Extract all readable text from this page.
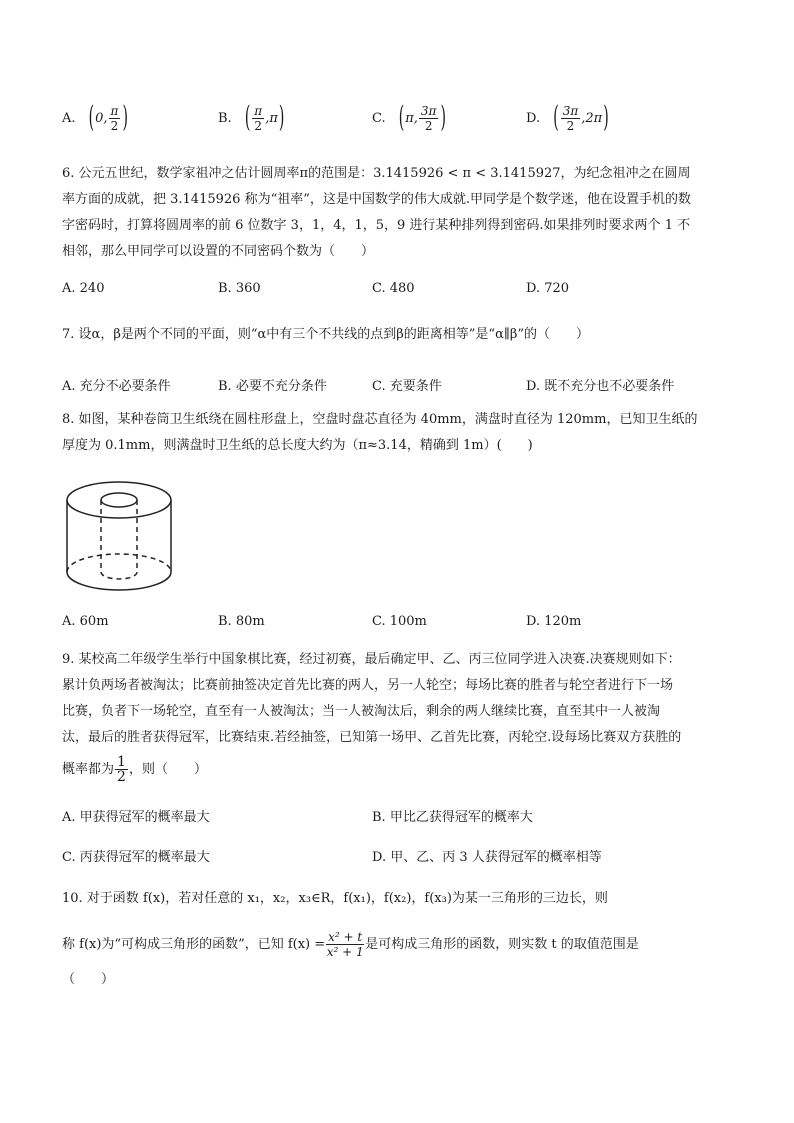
A. (0, $\frac{\pi}{2}$ )	B. ( $\frac{\pi}{2} ,\pi$)	C. (π, $\frac{3\pi}{2}$ )	D. ( $\frac{3\pi}{2} ,2\pi$)
6. 公元五世纪，数学家祖冲之估计圆周率π的范围是：3.1415926 < π < 3.1415927，为纪念祖冲之在圆周
率方面的成就，把 3.1415926 称为“祖率”，这是中国数学的伟大成就.甲同学是个数学迷，他在设置手机的数
字密码时，打算将圆周率的前 6 位数字 3，1，4，1，5，9 进行某种排列得到密码.如果排列时要求两个 1 不
相邻，那么甲同学可以设置的不同密码个数为（　　）
A. 240	B. 360	C. 480	D. 720
7. 设α，β是两个不同的平面，则“α中有三个不共线的点到β的距离相等”是“α∥β”的（　　）
A. 充分不必要条件	B. 必要不充分条件	C. 充要条件	D. 既不充分也不必要条件
8. 如图，某种卷筒卫生纸绕在圆柱形盘上，空盘时盘芯直径为 40mm，满盘时直径为 120mm，已知卫生纸的
厚度为 0.1mm，则满盘时卫生纸的总长度大约为（π≈3.14，精确到 1m）(　　)
A. 60m	B. 80m	C. 100m	D. 120m
9. 某校高二年级学生举行中国象棋比赛，经过初赛，最后确定甲、乙、丙三位同学进入决赛.决赛规则如下：
累计负两场者被淘汰；比赛前抽签决定首先比赛的两人，另一人轮空；每场比赛的胜者与轮空者进行下一场
比赛，负者下一场轮空，直至有一人被淘汰；当一人被淘汰后，剩余的两人继续比赛，直至其中一人被淘
汰，最后的胜者获得冠军，比赛结束.若经抽签，已知第一场甲、乙首先比赛，丙轮空.设每场比赛双方获胜的
概率都为 $\frac{1}{2}$ ，则（　　）
A. 甲获得冠军的概率最大	B. 甲比乙获得冠军的概率大
C. 丙获得冠军的概率最大	D. 甲、乙、丙 3 人获得冠军的概率相等
10. 对于函数 f(x)，若对任意的 x₁，x₂，x₃∈R，f(x₁)，f(x₂)，f(x₃)为某一三角形的三边长，则
称 f(x)为“可构成三角形的函数”，已知 $f(x) = \frac{\text{x² + t}}{\text{x² + 1}}$ 是可构成三角形的函数，则实数 t 的取值范围是
（　　）
